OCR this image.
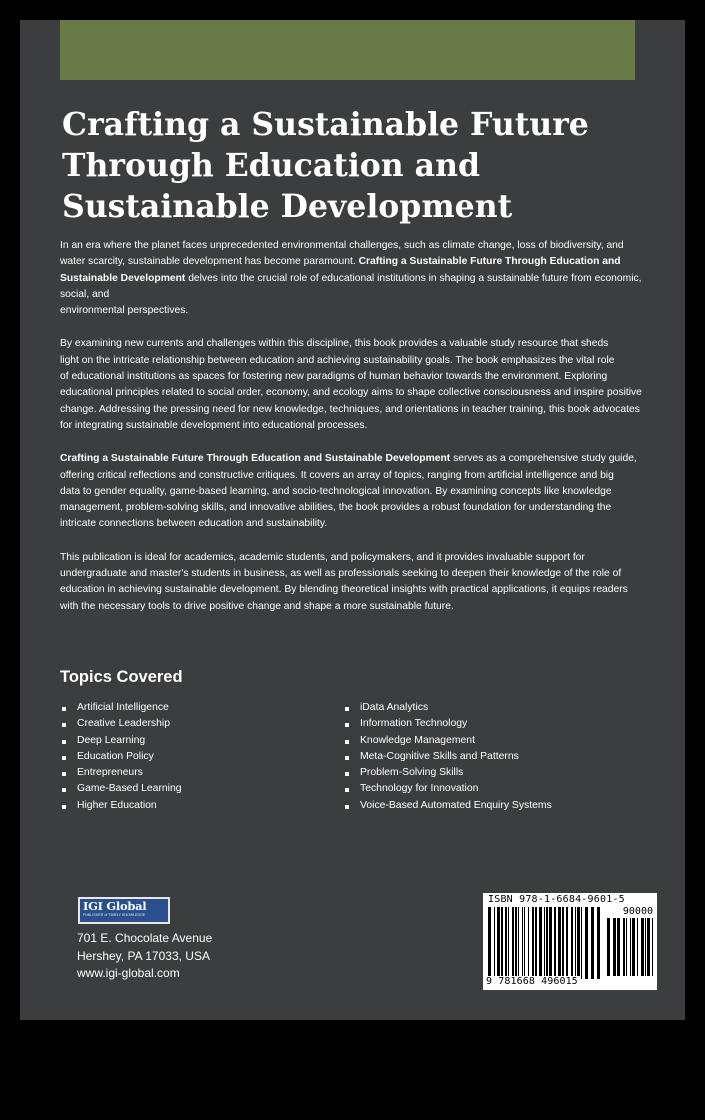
Crafting a Sustainable Future
Through Education and
Sustainable Development

In an era where the planet faces unprecedented environmental challenges, such as climate change, loss of biodiversity, and
water scarcity, sustainable development has become paramount. Crafting a Sustainable Future Through Education and
Sustainable Development delves into the crucial role of educational institutions in shaping a sustainable future from economic,
social, and
environmental perspectives.

By examining new currents and challenges within this discipline, this book provides a valuable study resource that sheds
light on the intricate relationship between education and achieving sustainability goals. The book emphasizes the vital role
of educational institutions as spaces for fostering new paradigms of human behavior towards the environment. Exploring
educational principles related to social order, economy, and ecology aims to shape collective consciousness and inspire positive
change. Addressing the pressing need for new knowledge, techniques, and orientations in teacher training, this book advocates
for integrating sustainable development into educational processes.

Crafting a Sustainable Future Through Education and Sustainable Development serves as a comprehensive study guide,
offering critical reflections and constructive critiques. It covers an array of topics, ranging from artificial intelligence and big
data to gender equality, game-based learning, and socio-technological innovation. By examining concepts like knowledge
management, problem-solving skills, and innovative abilities, the book provides a robust foundation for understanding the
intricate connections between education and sustainability.

This publication is ideal for academics, academic students, and policymakers, and it provides invaluable support for
undergraduate and master's students in business, as well as professionals seeking to deepen their knowledge of the role of
education in achieving sustainable development. By blending theoretical insights with practical applications, it equips readers
with the necessary tools to drive positive change and shape a more sustainable future.

Topics Covered
Artificial Intelligence
Creative Leadership
Deep Learning
Education Policy
Entrepreneurs
Game-Based Learning
Higher Education
iData Analytics
Information Technology
Knowledge Management
Meta-Cognitive Skills and Patterns
Problem-Solving Skills
Technology for Innovation
Voice-Based Automated Enquiry Systems
IGI Global
PUBLISHER of TIMELY KNOWLEDGE
701 E. Chocolate Avenue
Hershey, PA 17033, USA
www.igi-global.com
ISBN 978-1-6684-9601-5
90000
9 781668 496015
